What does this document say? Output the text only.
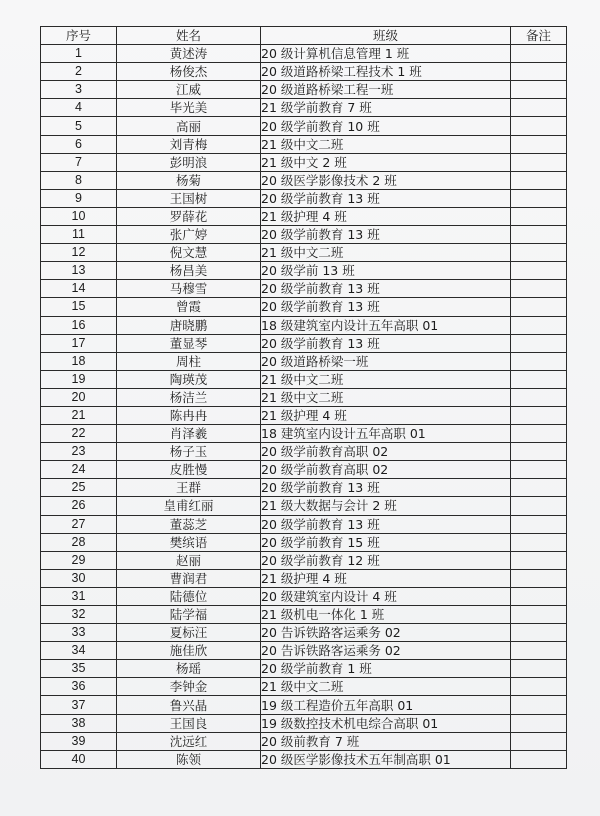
序号	姓名	班级	备注
1	黄述涛	20 级计算机信息管理 1 班	
2	杨俊杰	20 级道路桥梁工程技术 1 班	
3	江威	20 级道路桥梁工程一班	
4	毕光美	21 级学前教育 7 班	
5	高丽	20 级学前教育 10 班	
6	刘青梅	21 级中文二班	
7	彭明浪	21 级中文 2 班	
8	杨菊	20 级医学影像技术 2 班	
9	王国树	20 级学前教育 13 班	
10	罗薛花	21 级护理 4 班	
11	张广婷	20 级学前教育 13 班	
12	倪文慧	21 级中文二班	
13	杨昌美	20 级学前 13 班	
14	马穆雪	20 级学前教育 13 班	
15	曾霞	20 级学前教育 13 班	
16	唐晓鹏	18 级建筑室内设计五年高职 01	
17	董显琴	20 级学前教育 13 班	
18	周柱	20 级道路桥梁一班	
19	陶瑛茂	21 级中文二班	
20	杨洁兰	21 级中文二班	
21	陈冉冉	21 级护理 4 班	
22	肖泽羲	18 建筑室内设计五年高职 01	
23	杨子玉	20 级学前教育高职 02	
24	皮胜慢	20 级学前教育高职 02	
25	王群	20 级学前教育 13 班	
26	皇甫红丽	21 级大数据与会计 2 班	
27	董蕊芝	20 级学前教育 13 班	
28	樊缤语	20 级学前教育 15 班	
29	赵丽	20 级学前教育 12 班	
30	曹润君	21 级护理 4 班	
31	陆德位	20 级建筑室内设计 4 班	
32	陆学福	21 级机电一体化 1 班	
33	夏标汪	20 告诉铁路客运乘务 02	
34	施佳欣	20 告诉铁路客运乘务 02	
35	杨瑶	20 级学前教育 1 班	
36	李钟金	21 级中文二班	
37	鲁兴晶	19 级工程造价五年高职 01	
38	王国良	19 级数控技术机电综合高职 01	
39	沈远红	20 级前教育 7 班	
40	陈领	20 级医学影像技术五年制高职 01	
